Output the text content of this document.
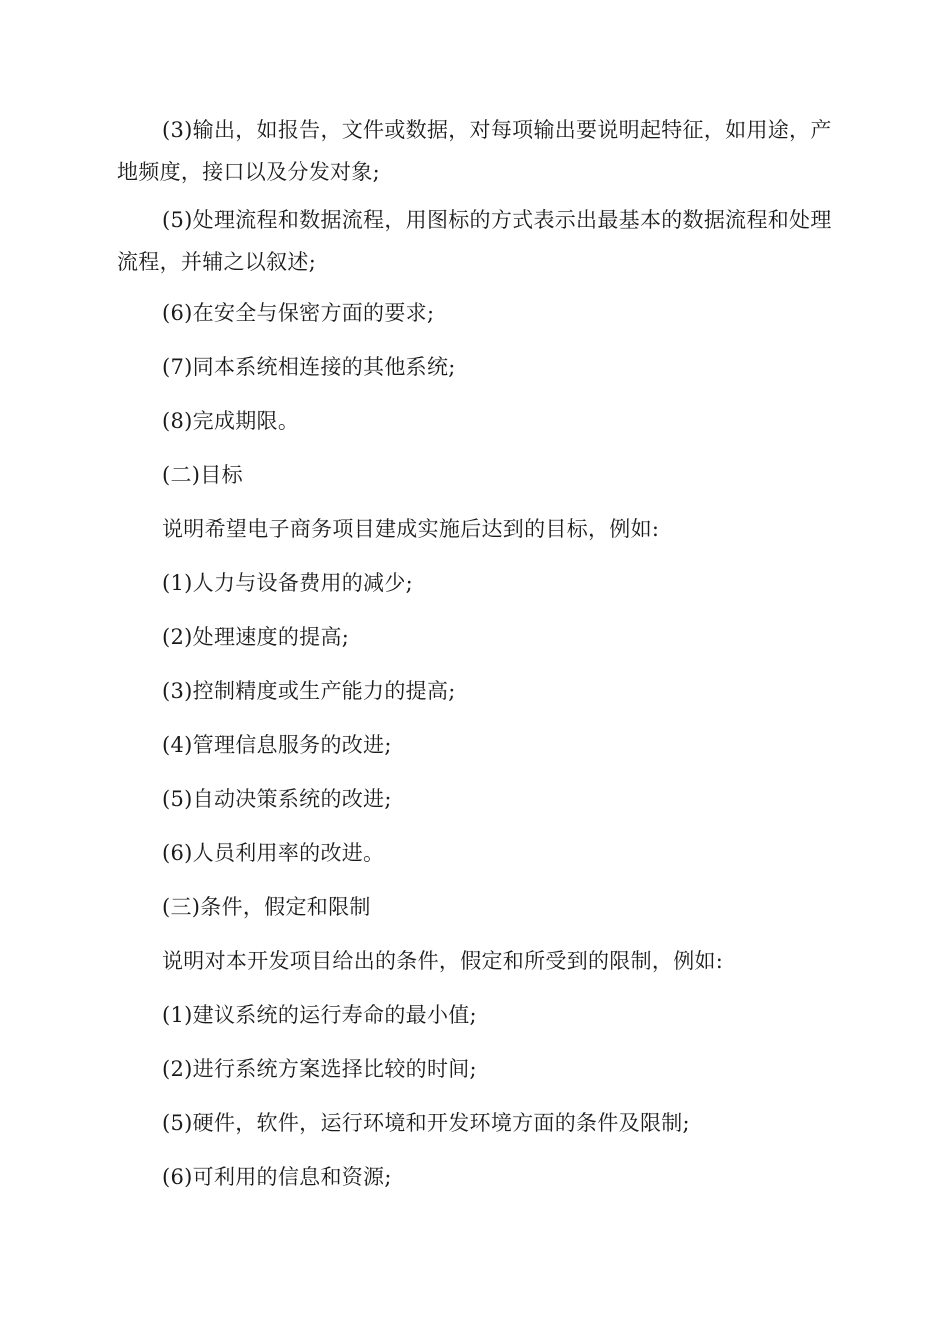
(3)输出，如报告，文件或数据，对每项输出要说明起特征，如用途，产地频度，接口以及分发对象;

(5)处理流程和数据流程，用图标的方式表示出最基本的数据流程和处理流程，并辅之以叙述;

(6)在安全与保密方面的要求;

(7)同本系统相连接的其他系统;

(8)完成期限。

(二)目标

说明希望电子商务项目建成实施后达到的目标，例如:

(1)人力与设备费用的减少;

(2)处理速度的提高;

(3)控制精度或生产能力的提高;

(4)管理信息服务的改进;

(5)自动决策系统的改进;

(6)人员利用率的改进。

(三)条件，假定和限制

说明对本开发项目给出的条件，假定和所受到的限制，例如:

(1)建议系统的运行寿命的最小值;

(2)进行系统方案选择比较的时间;

(5)硬件，软件，运行环境和开发环境方面的条件及限制;

(6)可利用的信息和资源;
